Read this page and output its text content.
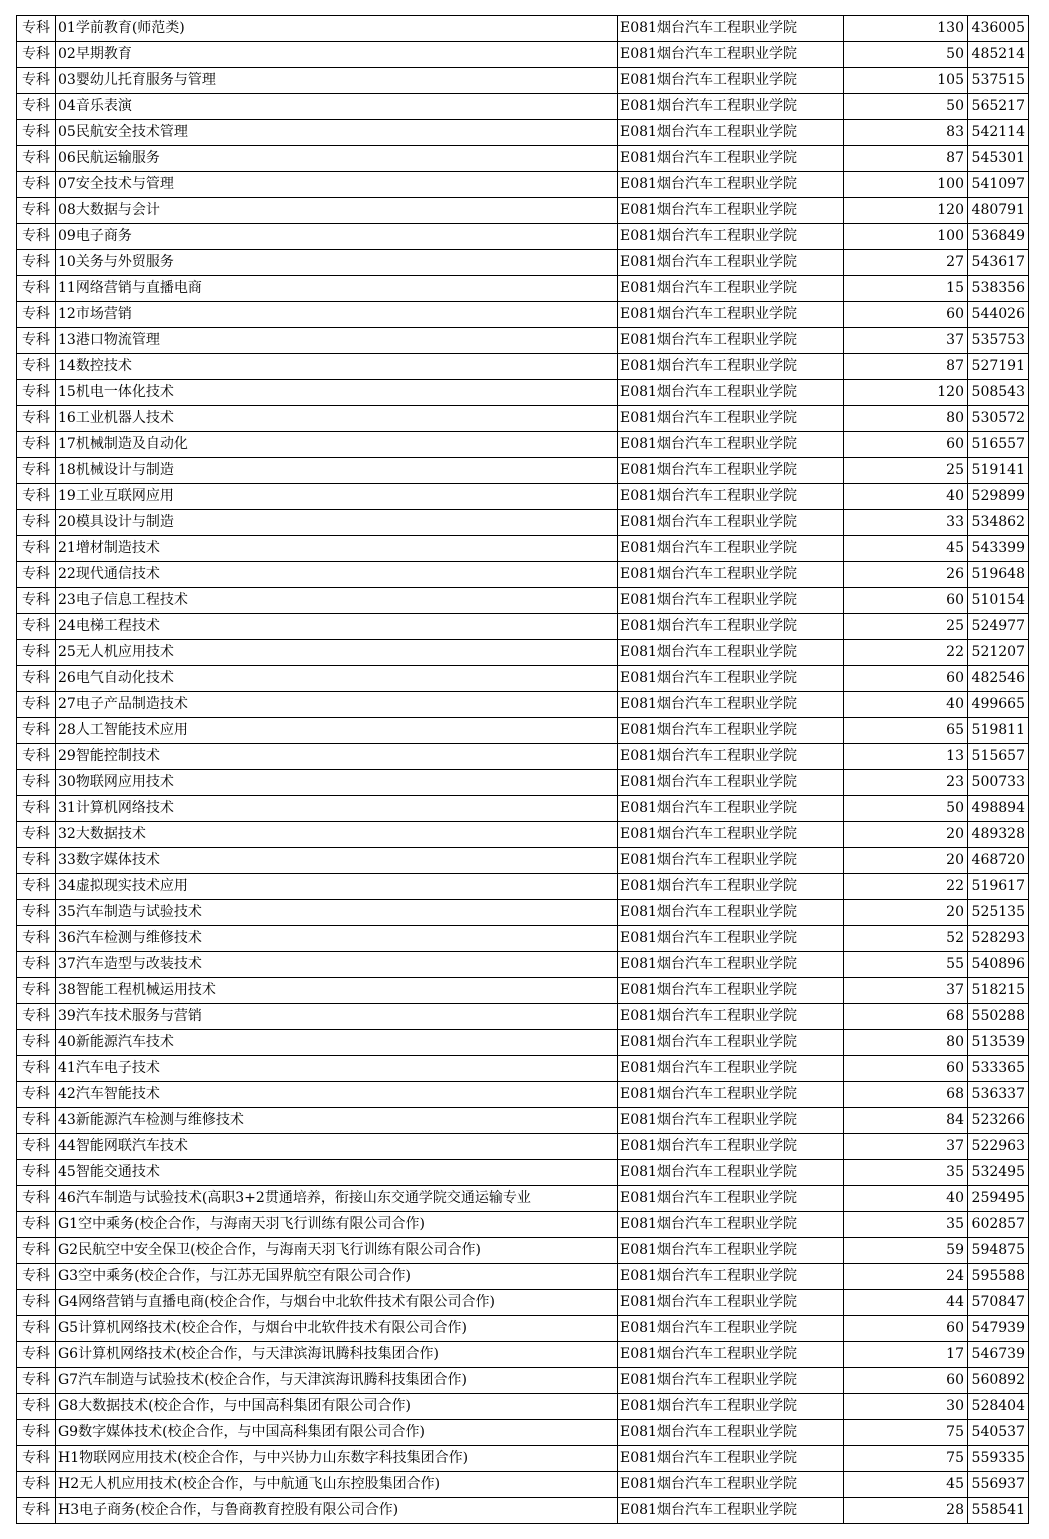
专科	01学前教育(师范类)	E081烟台汽车工程职业学院	130	436005
专科	02早期教育	E081烟台汽车工程职业学院	50	485214
专科	03婴幼儿托育服务与管理	E081烟台汽车工程职业学院	105	537515
专科	04音乐表演	E081烟台汽车工程职业学院	50	565217
专科	05民航安全技术管理	E081烟台汽车工程职业学院	83	542114
专科	06民航运输服务	E081烟台汽车工程职业学院	87	545301
专科	07安全技术与管理	E081烟台汽车工程职业学院	100	541097
专科	08大数据与会计	E081烟台汽车工程职业学院	120	480791
专科	09电子商务	E081烟台汽车工程职业学院	100	536849
专科	10关务与外贸服务	E081烟台汽车工程职业学院	27	543617
专科	11网络营销与直播电商	E081烟台汽车工程职业学院	15	538356
专科	12市场营销	E081烟台汽车工程职业学院	60	544026
专科	13港口物流管理	E081烟台汽车工程职业学院	37	535753
专科	14数控技术	E081烟台汽车工程职业学院	87	527191
专科	15机电一体化技术	E081烟台汽车工程职业学院	120	508543
专科	16工业机器人技术	E081烟台汽车工程职业学院	80	530572
专科	17机械制造及自动化	E081烟台汽车工程职业学院	60	516557
专科	18机械设计与制造	E081烟台汽车工程职业学院	25	519141
专科	19工业互联网应用	E081烟台汽车工程职业学院	40	529899
专科	20模具设计与制造	E081烟台汽车工程职业学院	33	534862
专科	21增材制造技术	E081烟台汽车工程职业学院	45	543399
专科	22现代通信技术	E081烟台汽车工程职业学院	26	519648
专科	23电子信息工程技术	E081烟台汽车工程职业学院	60	510154
专科	24电梯工程技术	E081烟台汽车工程职业学院	25	524977
专科	25无人机应用技术	E081烟台汽车工程职业学院	22	521207
专科	26电气自动化技术	E081烟台汽车工程职业学院	60	482546
专科	27电子产品制造技术	E081烟台汽车工程职业学院	40	499665
专科	28人工智能技术应用	E081烟台汽车工程职业学院	65	519811
专科	29智能控制技术	E081烟台汽车工程职业学院	13	515657
专科	30物联网应用技术	E081烟台汽车工程职业学院	23	500733
专科	31计算机网络技术	E081烟台汽车工程职业学院	50	498894
专科	32大数据技术	E081烟台汽车工程职业学院	20	489328
专科	33数字媒体技术	E081烟台汽车工程职业学院	20	468720
专科	34虚拟现实技术应用	E081烟台汽车工程职业学院	22	519617
专科	35汽车制造与试验技术	E081烟台汽车工程职业学院	20	525135
专科	36汽车检测与维修技术	E081烟台汽车工程职业学院	52	528293
专科	37汽车造型与改装技术	E081烟台汽车工程职业学院	55	540896
专科	38智能工程机械运用技术	E081烟台汽车工程职业学院	37	518215
专科	39汽车技术服务与营销	E081烟台汽车工程职业学院	68	550288
专科	40新能源汽车技术	E081烟台汽车工程职业学院	80	513539
专科	41汽车电子技术	E081烟台汽车工程职业学院	60	533365
专科	42汽车智能技术	E081烟台汽车工程职业学院	68	536337
专科	43新能源汽车检测与维修技术	E081烟台汽车工程职业学院	84	523266
专科	44智能网联汽车技术	E081烟台汽车工程职业学院	37	522963
专科	45智能交通技术	E081烟台汽车工程职业学院	35	532495
专科	46汽车制造与试验技术(高职3+2贯通培养，衔接山东交通学院交通运输专业	E081烟台汽车工程职业学院	40	259495
专科	G1空中乘务(校企合作，与海南天羽飞行训练有限公司合作)	E081烟台汽车工程职业学院	35	602857
专科	G2民航空中安全保卫(校企合作，与海南天羽飞行训练有限公司合作)	E081烟台汽车工程职业学院	59	594875
专科	G3空中乘务(校企合作，与江苏无国界航空有限公司合作)	E081烟台汽车工程职业学院	24	595588
专科	G4网络营销与直播电商(校企合作，与烟台中北软件技术有限公司合作)	E081烟台汽车工程职业学院	44	570847
专科	G5计算机网络技术(校企合作，与烟台中北软件技术有限公司合作)	E081烟台汽车工程职业学院	60	547939
专科	G6计算机网络技术(校企合作，与天津滨海讯腾科技集团合作)	E081烟台汽车工程职业学院	17	546739
专科	G7汽车制造与试验技术(校企合作，与天津滨海讯腾科技集团合作)	E081烟台汽车工程职业学院	60	560892
专科	G8大数据技术(校企合作，与中国高科集团有限公司合作)	E081烟台汽车工程职业学院	30	528404
专科	G9数字媒体技术(校企合作，与中国高科集团有限公司合作)	E081烟台汽车工程职业学院	75	540537
专科	H1物联网应用技术(校企合作，与中兴协力山东数字科技集团合作)	E081烟台汽车工程职业学院	75	559335
专科	H2无人机应用技术(校企合作，与中航通飞山东控股集团合作)	E081烟台汽车工程职业学院	45	556937
专科	H3电子商务(校企合作，与鲁商教育控股有限公司合作)	E081烟台汽车工程职业学院	28	558541
